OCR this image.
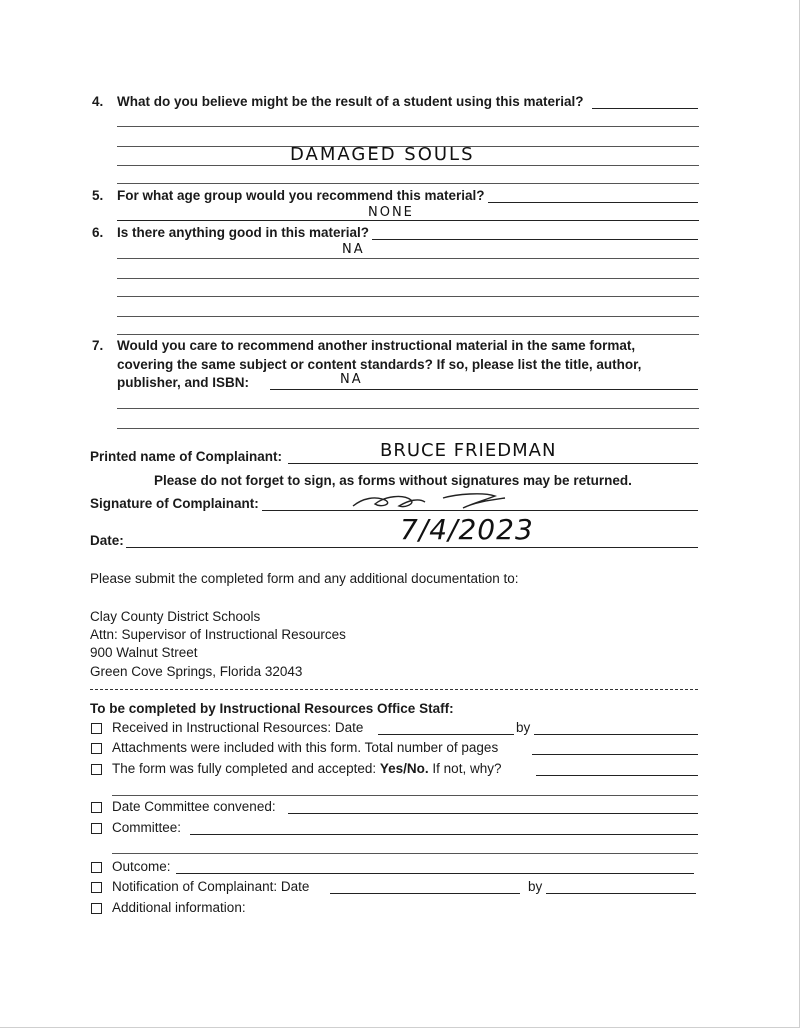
4. What do you believe might be the result of a student using this material?
DAMAGED SOULS
5. For what age group would you recommend this material?
NONE
6. Is there anything good in this material?
NA
7. Would you care to recommend another instructional material in the same format,
covering the same subject or content standards? If so, please list the title, author,
publisher, and ISBN:	NA
Printed name of Complainant:	BRUCE FRIEDMAN
Please do not forget to sign, as forms without signatures may be returned.
Signature of Complainant:
Date:	7/4/2023
Please submit the completed form and any additional documentation to:
Clay County District Schools
Attn: Supervisor of Instructional Resources
900 Walnut Street
Green Cove Springs, Florida 32043
To be completed by Instructional Resources Office Staff:
Received in Instructional Resources: Date	by
Attachments were included with this form. Total number of pages
The form was fully completed and accepted: Yes/No. If not, why?
Date Committee convened:
Committee:
Outcome:
Notification of Complainant: Date	by
Additional information:
